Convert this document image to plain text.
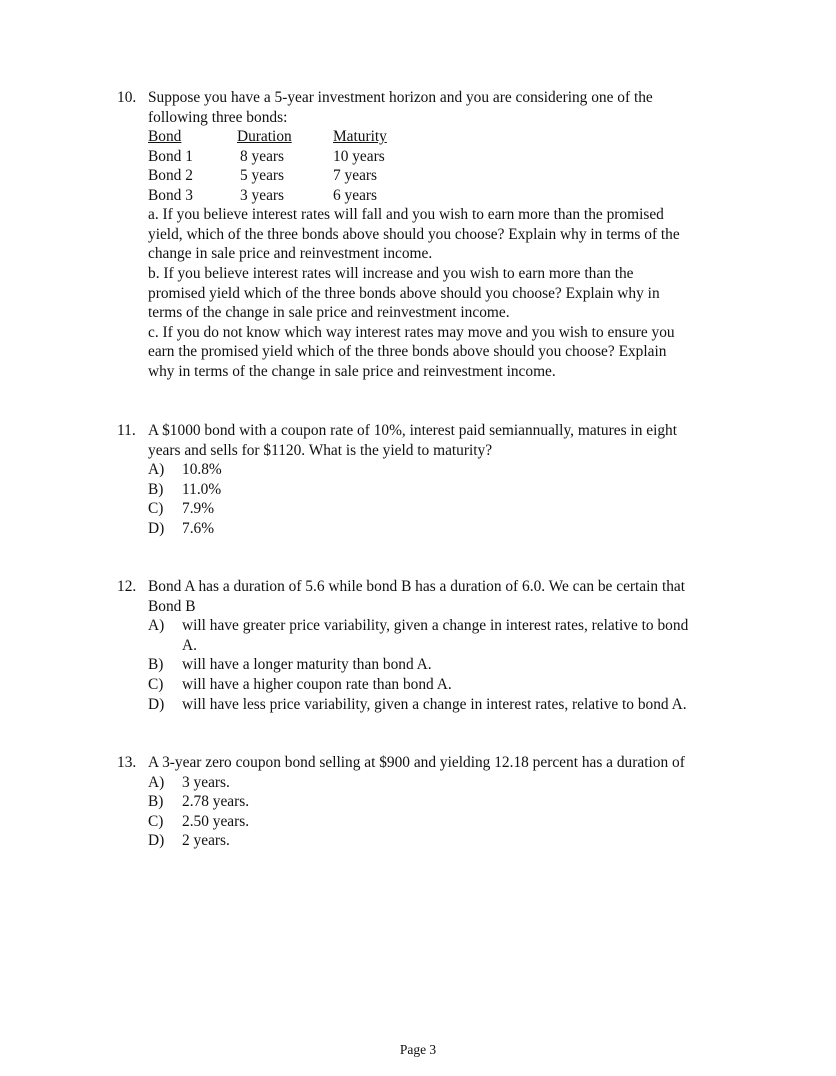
10. Suppose you have a 5-year investment horizon and you are considering one of the
following three bonds:
Bond	Duration	Maturity
Bond 1	8 years	10 years
Bond 2	5 years	7 years
Bond 3	3 years	6 years
a. If you believe interest rates will fall and you wish to earn more than the promised
yield, which of the three bonds above should you choose? Explain why in terms of the
change in sale price and reinvestment income.
b. If you believe interest rates will increase and you wish to earn more than the
promised yield which of the three bonds above should you choose? Explain why in
terms of the change in sale price and reinvestment income.
c. If you do not know which way interest rates may move and you wish to ensure you
earn the promised yield which of the three bonds above should you choose? Explain
why in terms of the change in sale price and reinvestment income.
11. A $1000 bond with a coupon rate of 10%, interest paid semiannually, matures in eight
years and sells for $1120. What is the yield to maturity?
A) 10.8%
B) 11.0%
C) 7.9%
D) 7.6%
12. Bond A has a duration of 5.6 while bond B has a duration of 6.0. We can be certain that
Bond B
A) will have greater price variability, given a change in interest rates, relative to bond
A.
B) will have a longer maturity than bond A.
C) will have a higher coupon rate than bond A.
D) will have less price variability, given a change in interest rates, relative to bond A.
13. A 3-year zero coupon bond selling at $900 and yielding 12.18 percent has a duration of
A) 3 years.
B) 2.78 years.
C) 2.50 years.
D) 2 years.
Page 3
